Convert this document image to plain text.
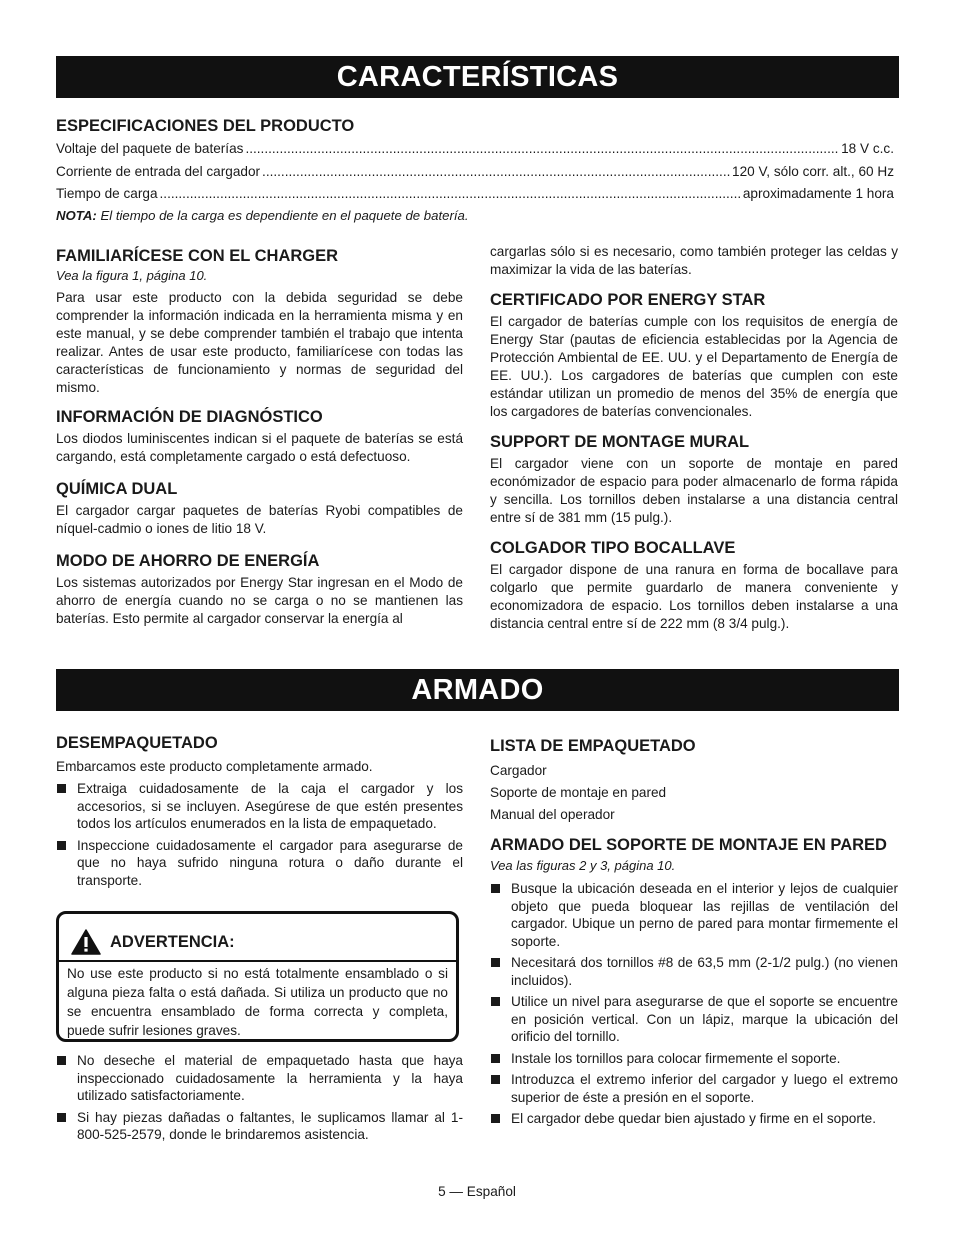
CARACTERÍSTICAS

ESPECIFICACIONES DEL PRODUCTO

Voltaje del paquete de baterías .....	18 V c.c.
Corriente de entrada del cargador .....	120 V, sólo corr. alt., 60 Hz
Tiempo de carga .....	aproximadamente 1 hora
NOTA: El tiempo de la carga es dependiente en el paquete de batería.

FAMILIARÍCESE CON EL CHARGER

Vea la figura 1, página 10.

Para usar este producto con la debida seguridad se debe comprender la información indicada en la herramienta misma y en este manual, y se debe comprender también el trabajo que intenta realizar. Antes de usar este producto, familiarícese con todas las características de funcionamiento y normas de seguridad del mismo.

INFORMACIÓN DE DIAGNÓSTICO

Los diodos luminiscentes indican si el paquete de baterías se está cargando, está completamente cargado o está defectuoso.

QUÍMICA DUAL

El cargador cargar paquetes de baterías Ryobi compatibles de níquel-cadmio o iones de litio 18 V.

MODO DE AHORRO DE ENERGÍA

Los sistemas autorizados por Energy Star ingresan en el Modo de ahorro de energía cuando no se carga o no se mantienen las baterías. Esto permite al cargador conservar la energía al

cargarlas sólo si es necesario, como también proteger las celdas y maximizar la vida de las baterías.

CERTIFICADO POR ENERGY STAR

El cargador de baterías cumple con los requisitos de energía de Energy Star (pautas de eficiencia establecidas por la Agencia de Protección Ambiental de EE. UU. y el Departamento de Energía de EE. UU.). Los cargadores de baterías que cumplen con este estándar utilizan un promedio de menos del 35% de energía que los cargadores de baterías convencionales.

SUPPORT DE MONTAGE MURAL

El cargador viene con un soporte de montaje en pared económizador de espacio para poder almacenarlo de forma rápida y sencilla. Los tornillos deben instalarse a una distancia central entre sí de 381 mm (15 pulg.).

COLGADOR TIPO BOCALLAVE

El cargador dispone de una ranura en forma de bocallave para colgarlo que permite guardarlo de manera conveniente y economizadora de espacio. Los tornillos deben instalarse a una distancia central entre sí de 222 mm (8 3/4 pulg.).

ARMADO

DESEMPAQUETADO

Embarcamos este producto completamente armado.

Extraiga cuidadosamente de la caja el cargador y los accesorios, si se incluyen. Asegúrese de que estén presentes todos los artículos enumerados en la lista de empaquetado.
Inspeccione cuidadosamente el cargador para asegurarse de que no haya sufrido ninguna rotura o daño durante el transporte.
ADVERTENCIA:
No use este producto si no está totalmente ensamblado o si alguna pieza falta o está dañada. Si utiliza un producto que no se encuentra ensamblado de forma correcta y completa, puede sufrir lesiones graves.
No deseche el material de empaquetado hasta que haya inspeccionado cuidadosamente la herramienta y la haya utilizado satisfactoriamente.
Si hay piezas dañadas o faltantes, le suplicamos llamar al 1-800-525-2579, donde le brindaremos asistencia.

LISTA DE EMPAQUETADO

Cargador

Soporte de montaje en pared

Manual del operador

ARMADO DEL SOPORTE DE MONTAJE EN PARED

Vea las figuras 2 y 3, página 10.

Busque la ubicación deseada en el interior y lejos de cualquier objeto que pueda bloquear las rejillas de ventilación del cargador. Ubique un perno de pared para montar firmemente el soporte.
Necesitará dos tornillos #8 de 63,5 mm (2-1/2 pulg.) (no vienen incluidos).
Utilice un nivel para asegurarse de que el soporte se encuentre en posición vertical. Con un lápiz, marque la ubicación del orificio del tornillo.
Instale los tornillos para colocar firmemente el soporte.
Introduzca el extremo inferior del cargador y luego el extremo superior de éste a presión en el soporte.
El cargador debe quedar bien ajustado y firme en el soporte.
5 — Español
